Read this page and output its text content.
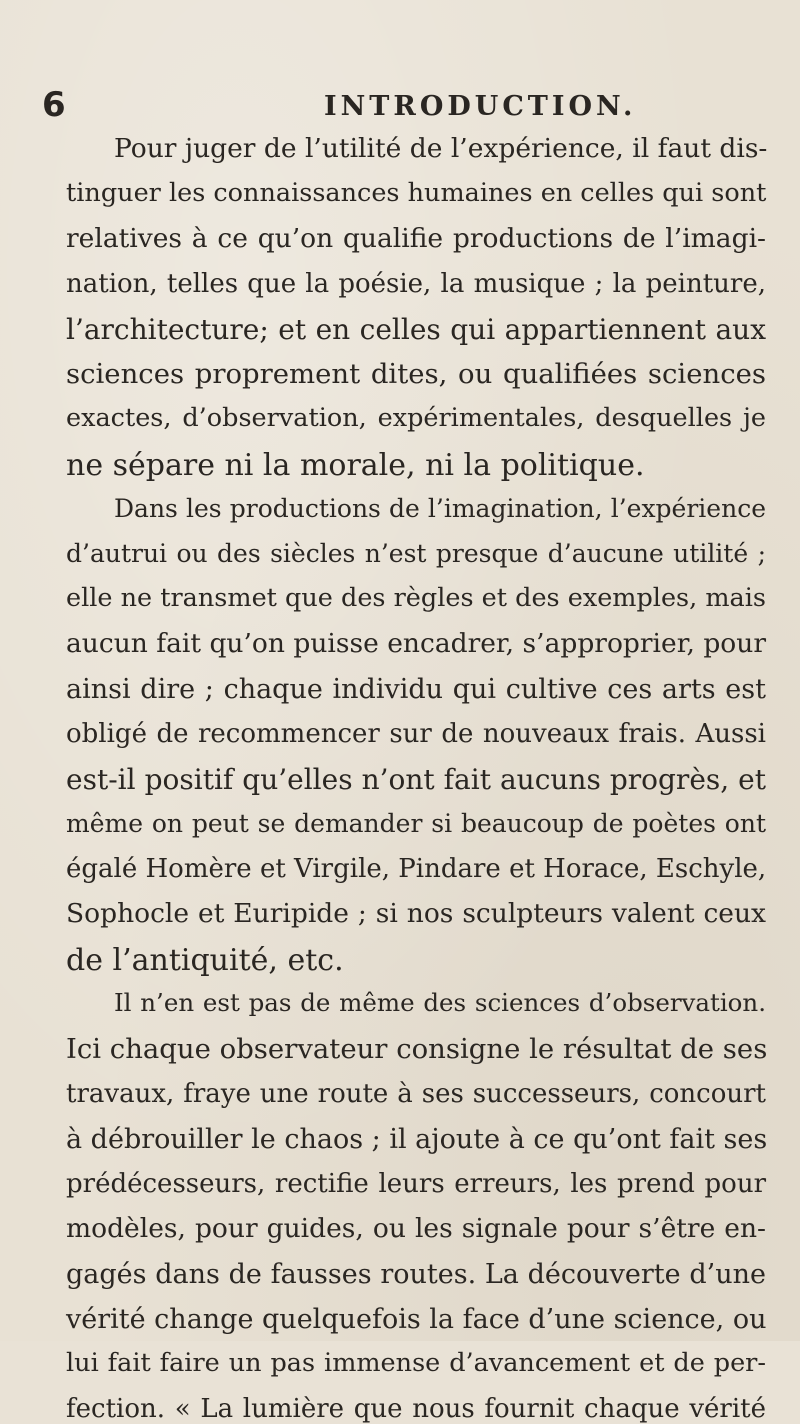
6	INTRODUCTION.
Pour juger de l’utilité de l’expérience, il faut dis-
tinguer les connaissances humaines en celles qui sont
relatives à ce qu’on qualifie productions de l’imagi-
nation, telles que la poésie, la musique ; la peinture,
l’architecture; et en celles qui appartiennent aux
sciences proprement dites, ou qualifiées sciences
exactes, d’observation, expérimentales, desquelles je
ne sépare ni la morale, ni la politique.
Dans les productions de l’imagination, l’expérience
d’autrui ou des siècles n’est presque d’aucune utilité ;
elle ne transmet que des règles et des exemples, mais
aucun fait qu’on puisse encadrer, s’approprier, pour
ainsi dire ; chaque individu qui cultive ces arts est
obligé de recommencer sur de nouveaux frais. Aussi
est-il positif qu’elles n’ont fait aucuns progrès, et
même on peut se demander si beaucoup de poètes ont
égalé Homère et Virgile, Pindare et Horace, Eschyle,
Sophocle et Euripide ; si nos sculpteurs valent ceux
de l’antiquité, etc.
Il n’en est pas de même des sciences d’observation.
Ici chaque observateur consigne le résultat de ses
travaux, fraye une route à ses successeurs, concourt
à débrouiller le chaos ; il ajoute à ce qu’ont fait ses
prédécesseurs, rectifie leurs erreurs, les prend pour
modèles, pour guides, ou les signale pour s’être en-
gagés dans de fausses routes. La découverte d’une
vérité change quelquefois la face d’une science, ou
lui fait faire un pas immense d’avancement et de per-
fection. « La lumière que nous fournit chaque vérité
